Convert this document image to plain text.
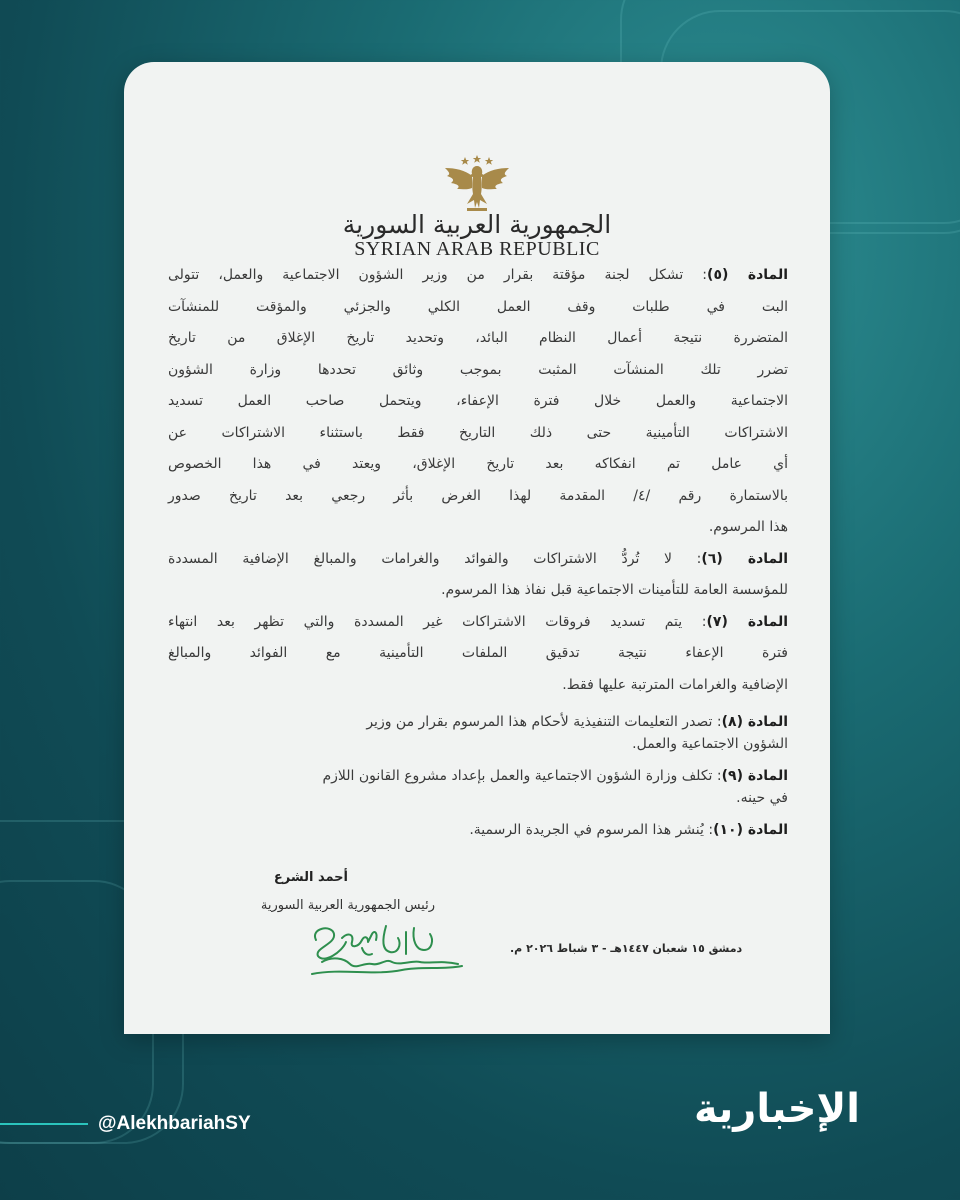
الجمهورية العربية السورية
SYRIAN ARAB REPUBLIC
المادة (٥): تشكل لجنة مؤقتة بقرار من وزير الشؤون الاجتماعية والعمل، تتولى
البت في طلبات وقف العمل الكلي والجزئي والمؤقت للمنشآت
المتضررة نتيجة أعمال النظام البائد، وتحديد تاريخ الإغلاق من تاريخ
تضرر تلك المنشآت المثبت بموجب وثائق تحددها وزارة الشؤون
الاجتماعية والعمل خلال فترة الإعفاء، ويتحمل صاحب العمل تسديد
الاشتراكات التأمينية حتى ذلك التاريخ فقط باستثناء الاشتراكات عن
أي عامل تم انفكاكه بعد تاريخ الإغلاق، ويعتد في هذا الخصوص
بالاستمارة رقم /٤/ المقدمة لهذا الغرض بأثر رجعي بعد تاريخ صدور
هذا المرسوم.
المادة (٦): لا تُردُّ الاشتراكات والفوائد والغرامات والمبالغ الإضافية المسددة
للمؤسسة العامة للتأمينات الاجتماعية قبل نفاذ هذا المرسوم.
المادة (٧): يتم تسديد فروقات الاشتراكات غير المسددة والتي تظهر بعد انتهاء
فترة الإعفاء نتيجة تدقيق الملفات التأمينية مع الفوائد والمبالغ
الإضافية والغرامات المترتبة عليها فقط.
المادة (٨): تصدر التعليمات التنفيذية لأحكام هذا المرسوم بقرار من وزير
الشؤون الاجتماعية والعمل.
المادة (٩): تكلف وزارة الشؤون الاجتماعية والعمل بإعداد مشروع القانون اللازم
في حينه.
المادة (١٠): يُنشر هذا المرسوم في الجريدة الرسمية.
أحمد الشرع
رئيس الجمهورية العربية السورية
دمشق ١٥ شعبان ١٤٤٧هـ - ٣ شباط ٢٠٢٦ م.
@AlekhbariahSY	الإخبارية
